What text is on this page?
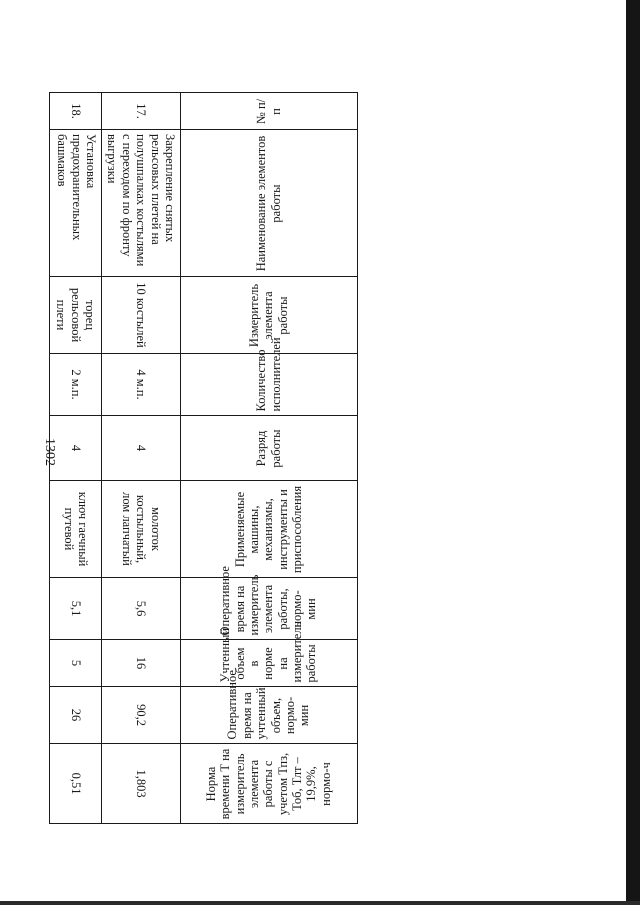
1302
№ п/п	Наименование элементов работы	Измеритель элемента работы	Количество исполнителей	Разряд работы	Применяемые машины, механизмы, инструменты и приспособления	Оперативное время на измеритель элемента работы, нормо-мин	Учтенный объем в норме на измеритель работы	Оперативное время на учтенный объем, нормо-мин	Норма времени Т на измеритель элемента работы с учетом Тпз, Тоб, Тлт – 19,9%, нормо-ч
17.	Закрепление снятых рельсовых плетей на полушпалках костылями с переходом по фронту выгрузки	10 костылей	4 м.п.	4	молоток костыльный, лом лапчатый	5,6	16	90,2	1,803
18.	Установка предохранительных башмаков	торец рельсовой плети	2 м.п.	4	ключ гаечный путевой	5,1	5	26	0,51
